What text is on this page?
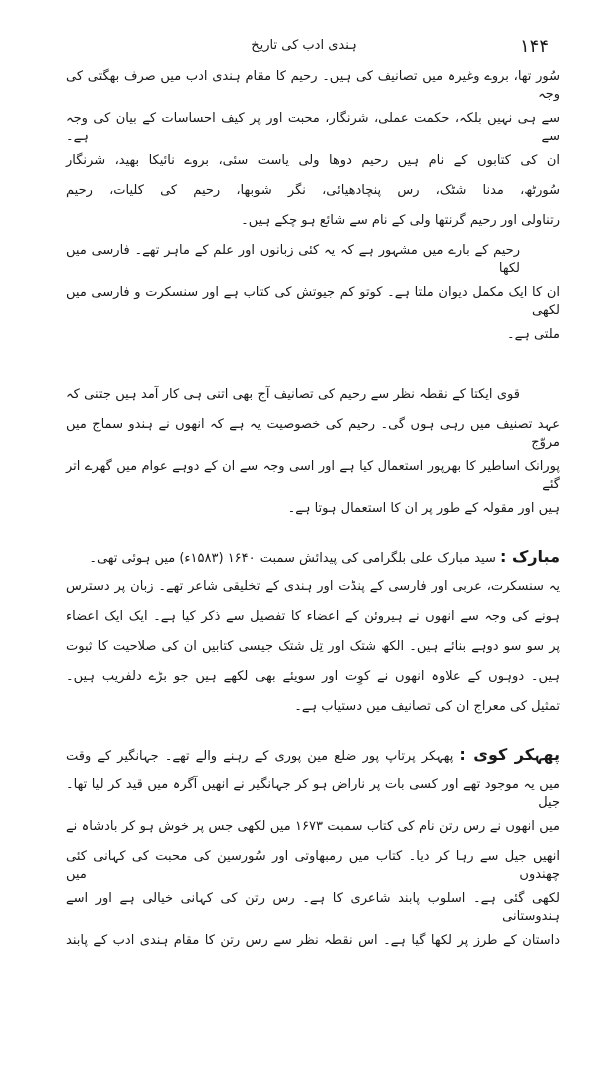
۱۴۴
ہندی ادب کی تاریخ
سُور تھا، بروے وغیرہ میں تصانیف کی ہیں۔ رحیم کا مقام ہندی ادب میں صرف بھگتی کی وجہ
سے ہی نہیں بلکہ، حکمت عملی، شرنگار، محبت اور پر کیف احساسات کے بیان کی وجہ سے ہے۔
ان کی کتابوں کے نام ہیں رحیم دوھا ولی یاست سئی، بروے نائیکا بھید، شرنگار
سُورٹھ، مدنا شٹک، رس پنچادھیائی، نگر شوبھا، رحیم کی کلیات، رحیم
رتناولی اور رحیم گرنتھا ولی کے نام سے شائع ہو چکے ہیں۔
رحیم کے بارے میں مشہور ہے کہ یہ کئی زبانوں اور علم کے ماہر تھے۔ فارسی میں لکھا
ان کا ایک مکمل دیوان ملتا ہے۔ کوتو کم جیوتش کی کتاب ہے اور سنسکرت و فارسی میں لکھی
ملتی ہے۔
قوی ایکتا کے نقطہ نظر سے رحیم کی تصانیف آج بھی اتنی ہی کار آمد ہیں جتنی کہ
عہد تصنیف میں رہی ہوں گی۔ رحیم کی خصوصیت یہ ہے کہ انھوں نے ہندو سماج میں مروّج
پورانک اساطیر کا بھرپور استعمال کیا ہے اور اسی وجہ سے ان کے دوہے عوام میں گھرے اتر گئے
ہیں اور مقولہ کے طور پر ان کا استعمال ہوتا ہے۔
مبارک : سید مبارک علی بلگرامی کی پیدائش سمبت ۱۶۴۰ (۱۵۸۳ء) میں ہوئی تھی۔
یہ سنسکرت، عربی اور فارسی کے پنڈت اور ہندی کے تخلیقی شاعر تھے۔ زبان پر دسترس
ہونے کی وجہ سے انھوں نے ہیروئن کے اعضاء کا تفصیل سے ذکر کیا ہے۔ ایک ایک اعضاء
پر سو سو دوہے بنائے ہیں۔ الکھ شتک اور تِل شتک جیسی کتابیں ان کی صلاحیت کا ثبوت
ہیں۔ دوہوں کے علاوہ انھوں نے کوِت اور سویئے بھی لکھے ہیں جو بڑے دلفریب ہیں۔
تمثیل کی معراج ان کی تصانیف میں دستیاب ہے۔
پھہکر کوی : پھہکر پرتاپ پور ضلع مین پوری کے رہنے والے تھے۔ جہانگیر کے وقت
میں یہ موجود تھے اور کسی بات پر ناراض ہو کر جہانگیر نے انھیں آگرہ میں قید کر لیا تھا۔ جیل
میں انھوں نے رس رتن نام کی کتاب سمبت ۱۶۷۳ میں لکھی جس پر خوش ہو کر بادشاہ نے
انھیں جیل سے رہا کر دیا۔ کتاب میں رمبھاوتی اور سُورسین کی محبت کی کہانی کئی چھندوں میں
لکھی گئی ہے۔ اسلوب پابند شاعری کا ہے۔ رس رتن کی کہانی خیالی ہے اور اسے ہندوستانی
داستان کے طرز پر لکھا گیا ہے۔ اس نقطہ نظر سے رس رتن کا مقام ہندی ادب کے پابند
